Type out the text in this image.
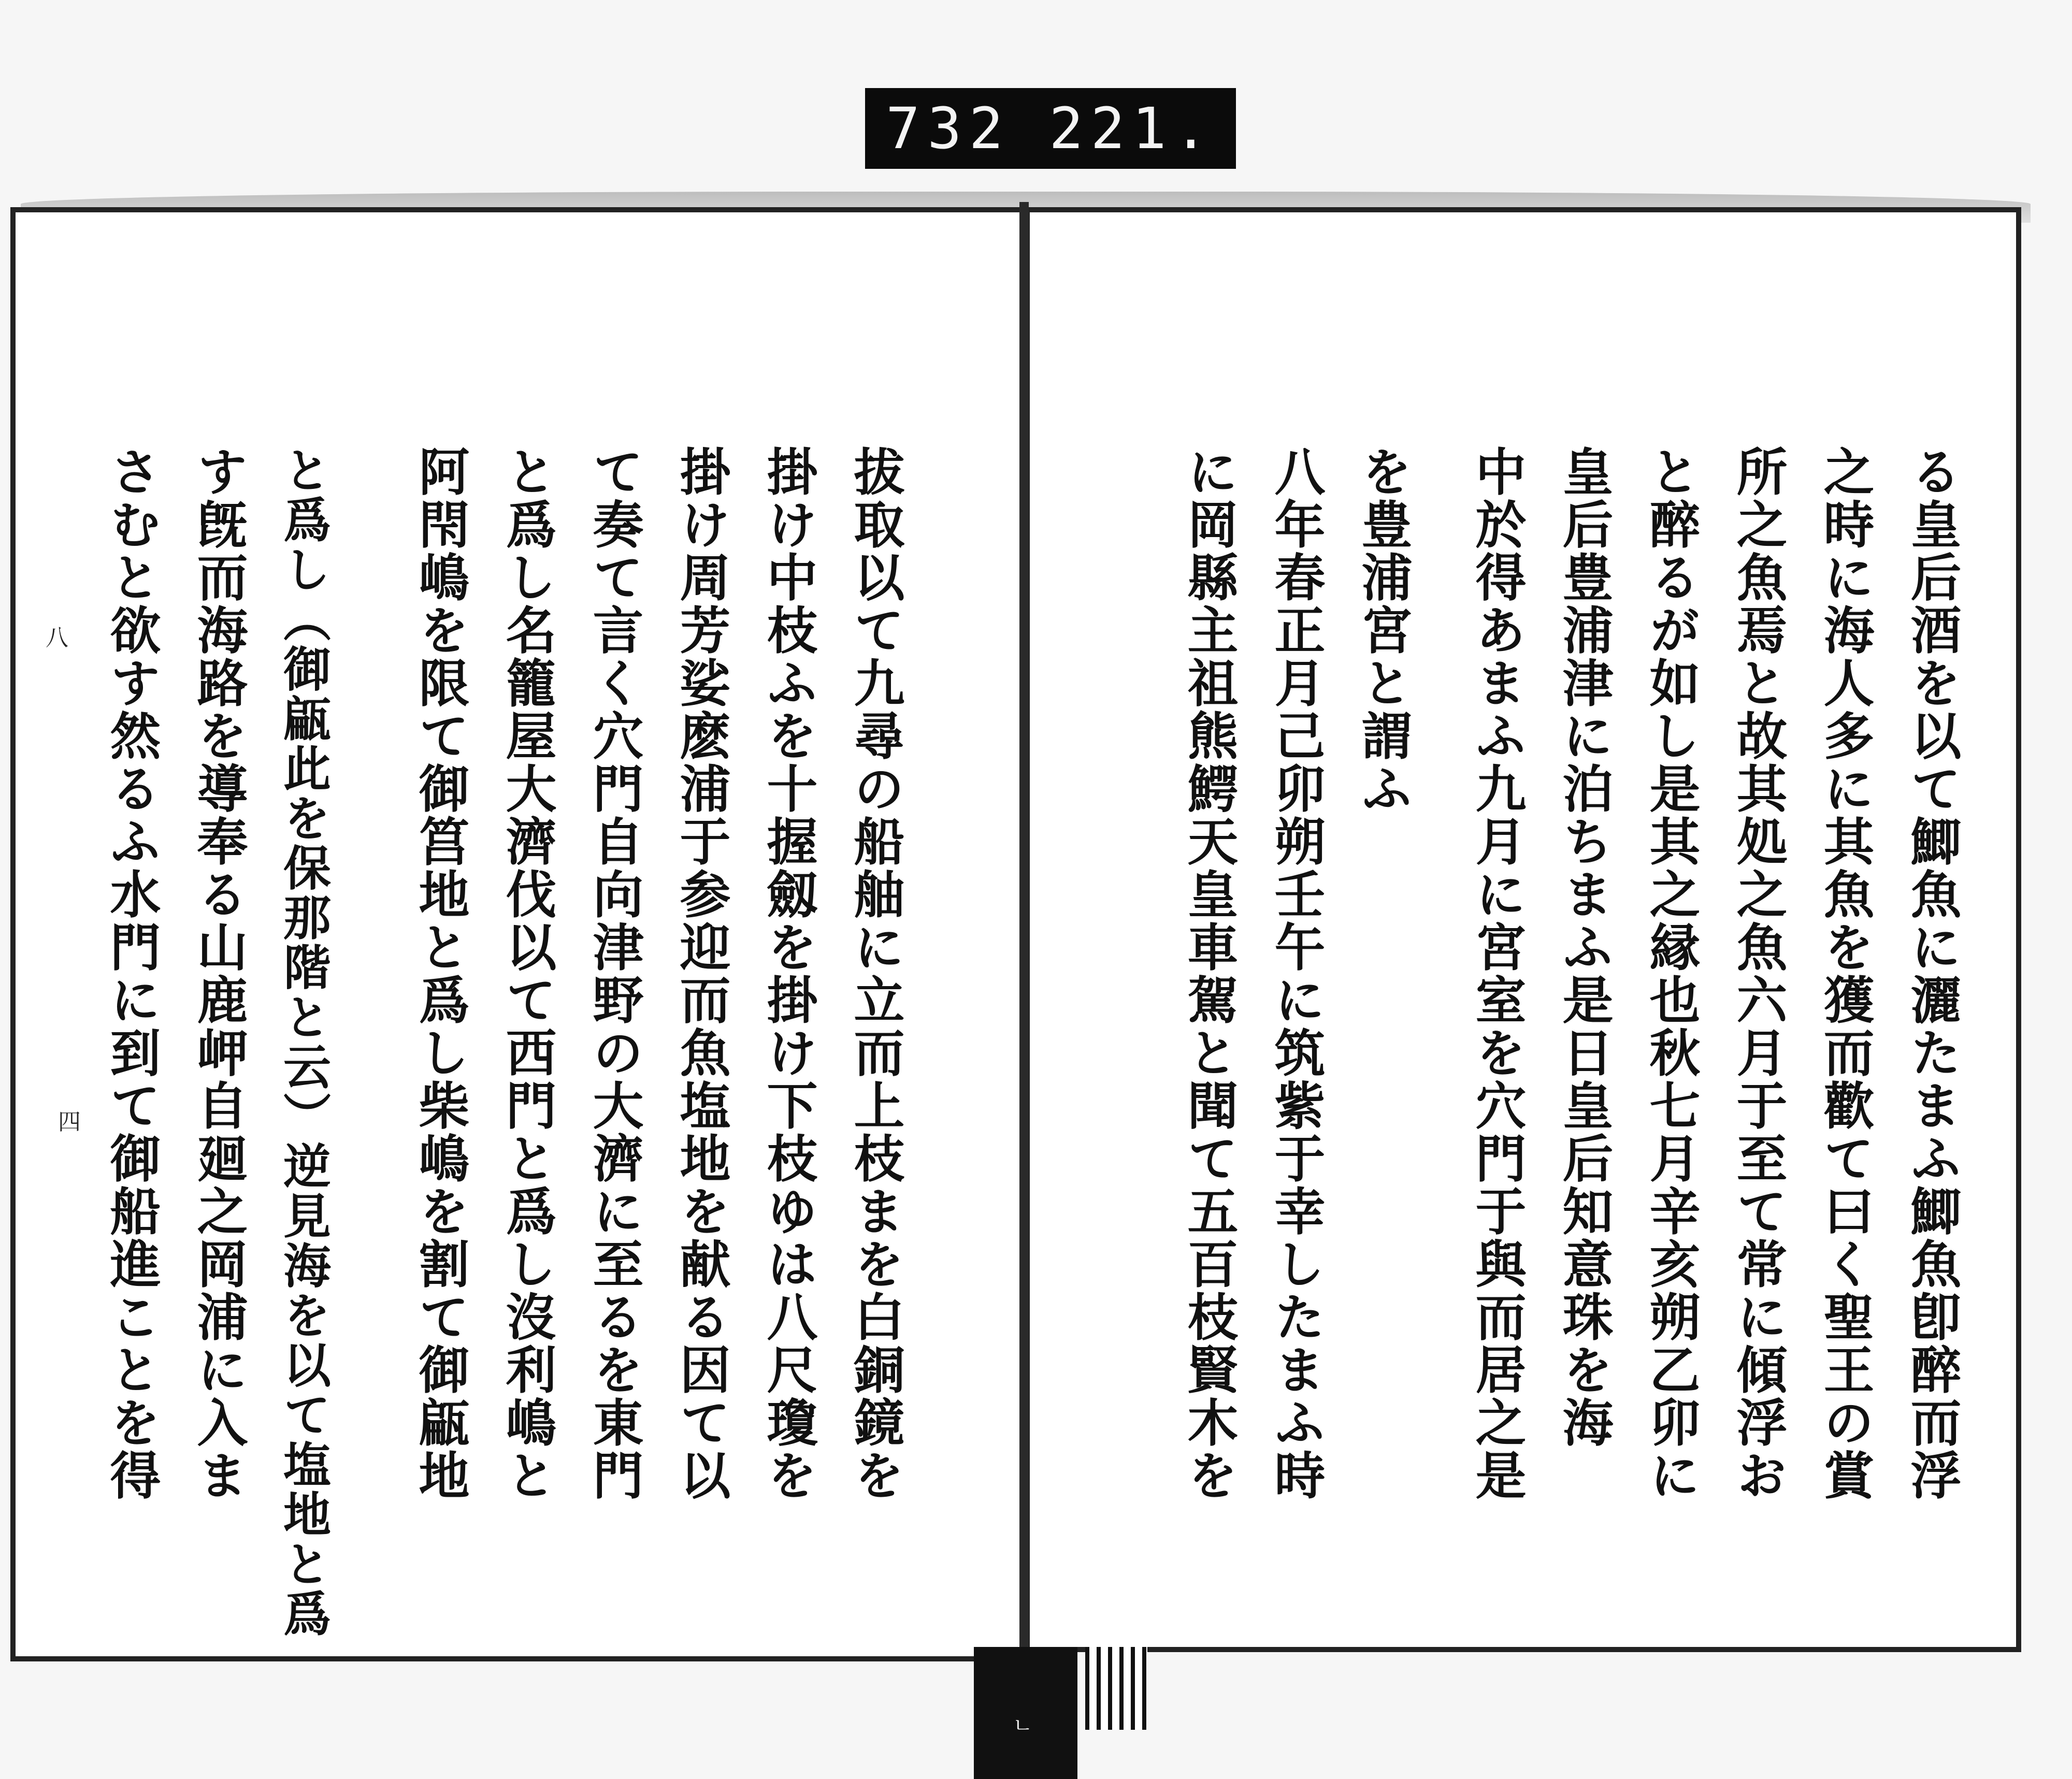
732 221.
拔取以て九尋の船舳に立而上枝まを白銅鏡を
掛け中枝ふを十握劔を掛け下枝ゆは八尺瓊を
掛け周芳娑麽浦于参迎而魚塩地を献る因て以
て奏て言く穴門自向津野の大濟に至るを東門
と爲し名籠屋大濟伐以て西門と爲し沒利嶋と
阿閇嶋を限て御筥地と爲し柴嶋を割て御甂地
と爲し（御甂此を保那階と云）逆見海を以て塩地と爲
す旣而海路を導奉る山鹿岬自廻之岡浦に入ま
さむと欲す然るふ水門に到て御船進ことを得
八
四	る皇后酒を以て鯽魚に灑たまふ鯽魚卽醉而浮
之時に海人多に其魚を獲而歡て曰く聖王の賞
所之魚焉と故其処之魚六月于至て常に傾浮お
と醉るが如し是其之縁也秋七月辛亥朔乙卯に
皇后豊浦津に泊ちまふ是日皇后知意珠を海
中於得あまふ九月に宮室を穴門于與而居之是
を豊浦宮と謂ふ
八年春正月己卯朔壬午に筑紫于幸したまふ時
に岡縣主祖熊鰐天皇車駕と聞て五百枝賢木を
ㄴ
